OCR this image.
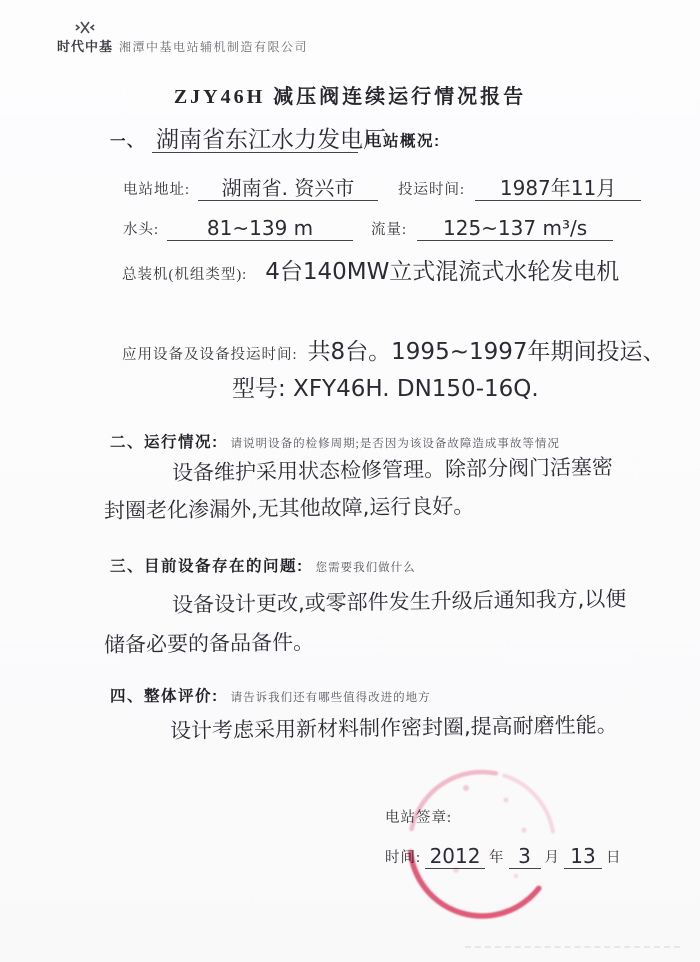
时代中基 湘潭中基电站辅机制造有限公司
ZJY46H 减压阀连续运行情况报告
一、 湖南省东江水力发电厂 电站概况:
电站地址: 湖南省. 资兴市	投运时间: 1987年11月
水头: 81~139 m	流量: 125~137 m³/s
总装机(机组类型): 4台140MW立式混流式水轮发电机
应用设备及设备投运时间: 共8台。1995~1997年期间投运、
型号: XFY46H. DN150-16Q.
二、运行情况: 请说明设备的检修周期;是否因为该设备故障造成事故等情况
设备维护采用状态检修管理。除部分阀门活塞密
封圈老化渗漏外,无其他故障,运行良好。
三、目前设备存在的问题: 您需要我们做什么
设备设计更改,或零部件发生升级后通知我方,以便
储备必要的备品备件。
四、整体评价: 请告诉我们还有哪些值得改进的地方
设计考虑采用新材料制作密封圈,提高耐磨性能。
电站签章:
时间: 2012 年 3 月 13 日
